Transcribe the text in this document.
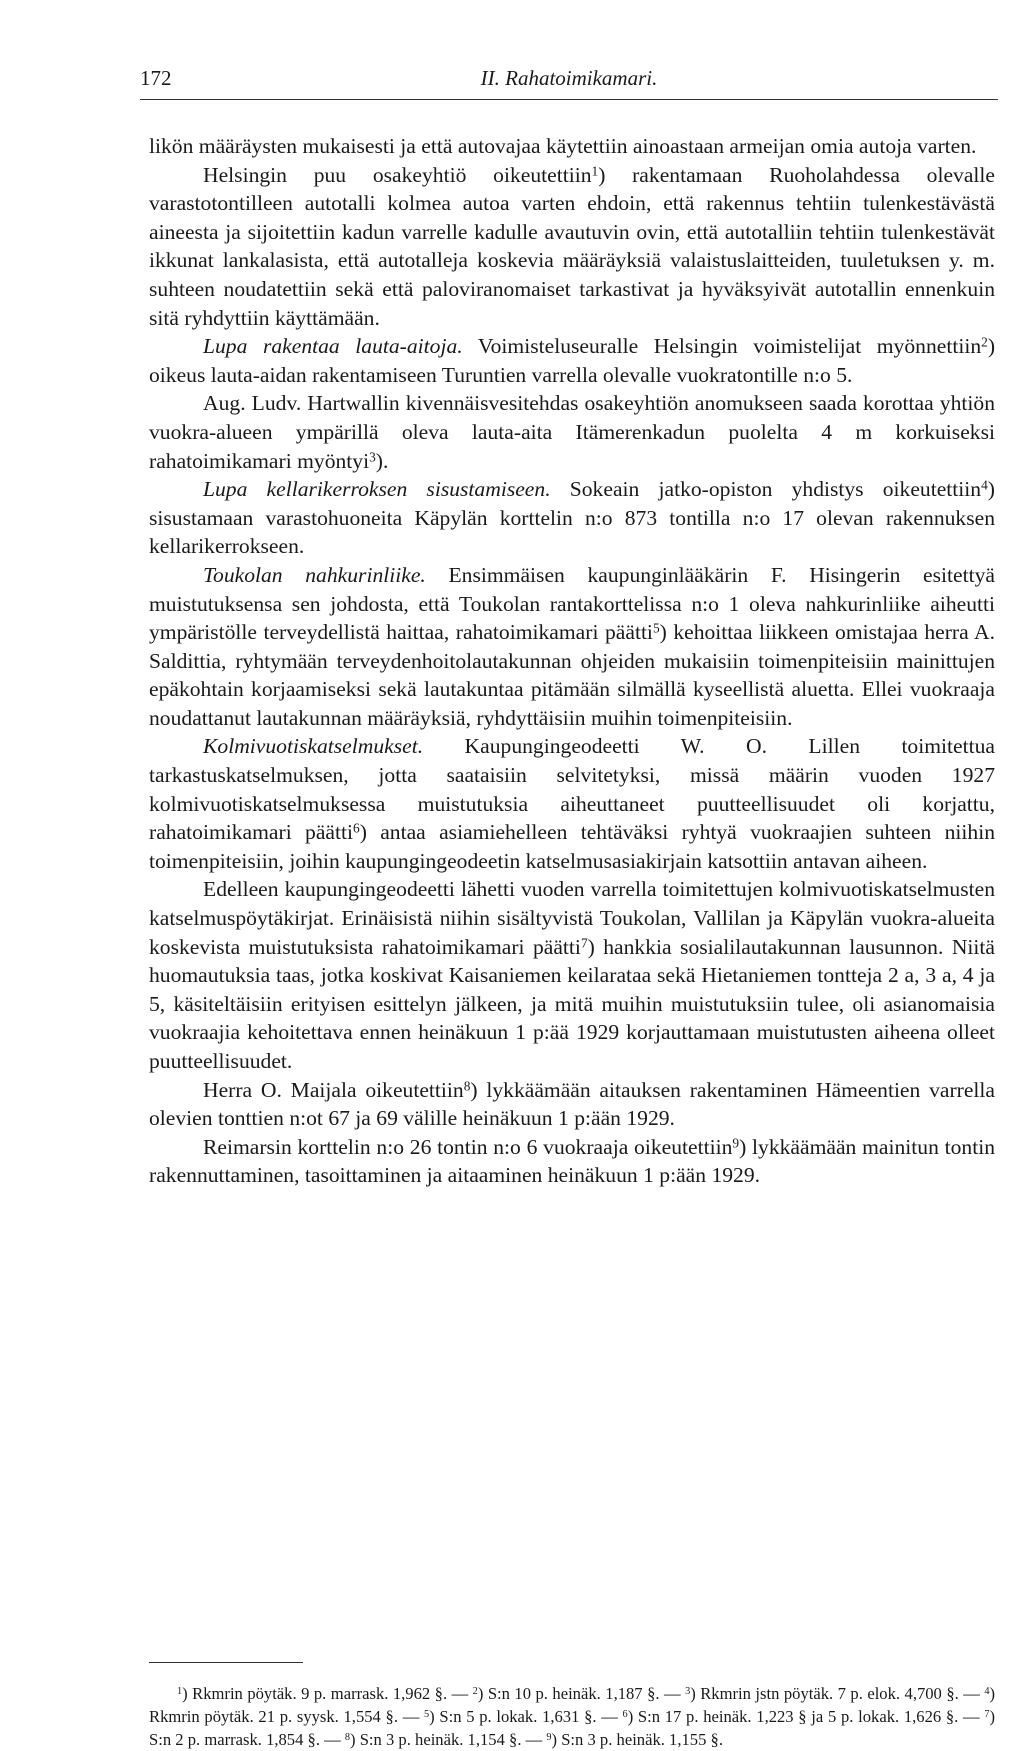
172	II. Rahatoimikamari.

likön määräysten mukaisesti ja että autovajaa käytettiin ainoastaan armeijan omia autoja varten.

Helsingin puu osakeyhtiö oikeutettiin$^1$) rakentamaan Ruoholahdessa olevalle varastotontilleen autotalli kolmea autoa varten ehdoin, että rakennus tehtiin tulenkestävästä aineesta ja sijoitettiin kadun varrelle kadulle avautuvin ovin, että autotalliin tehtiin tulenkestävät ikkunat lankalasista, että autotalleja koskevia määräyksiä valaistuslaitteiden, tuuletuksen y. m. suhteen noudatettiin sekä että paloviranomaiset tarkastivat ja hyväksyivät autotallin ennenkuin sitä ryhdyttiin käyttämään.

Lupa rakentaa lauta-aitoja. Voimisteluseuralle Helsingin voimistelijat myönnettiin$^2$) oikeus lauta-aidan rakentamiseen Turuntien varrella olevalle vuokratontille n:o 5.

Aug. Ludv. Hartwallin kivennäisvesitehdas osakeyhtiön anomukseen saada korottaa yhtiön vuokra-alueen ympärillä oleva lauta-aita Itämerenkadun puolelta 4 m korkuiseksi rahatoimikamari myöntyi$^3$).

Lupa kellarikerroksen sisustamiseen. Sokeain jatko-opiston yhdistys oikeutettiin$^4$) sisustamaan varastohuoneita Käpylän korttelin n:o 873 tontilla n:o 17 olevan rakennuksen kellarikerrokseen.

Toukolan nahkurinliike. Ensimmäisen kaupunginlääkärin F. Hisingerin esitettyä muistutuksensa sen johdosta, että Toukolan rantakorttelissa n:o 1 oleva nahkurinliike aiheutti ympäristölle terveydellistä haittaa, rahatoimikamari päätti$^5$) kehoittaa liikkeen omistajaa herra A. Saldittia, ryhtymään terveydenhoitolautakunnan ohjeiden mukaisiin toimenpiteisiin mainittujen epäkohtain korjaamiseksi sekä lautakuntaa pitämään silmällä kyseellistä aluetta. Ellei vuokraaja noudattanut lautakunnan määräyksiä, ryhdyttäisiin muihin toimenpiteisiin.

Kolmivuotiskatselmukset. Kaupungingeodeetti W. O. Lillen toimitettua tarkastuskatselmuksen, jotta saataisiin selvitetyksi, missä määrin vuoden 1927 kolmivuotiskatselmuksessa muistutuksia aiheuttaneet puutteellisuudet oli korjattu, rahatoimikamari päätti$^6$) antaa asiamiehelleen tehtäväksi ryhtyä vuokraajien suhteen niihin toimenpiteisiin, joihin kaupungingeodeetin katselmusasiakirjain katsottiin antavan aiheen.

Edelleen kaupungingeodeetti lähetti vuoden varrella toimitettujen kolmivuotiskatselmusten katselmuspöytäkirjat. Erinäisistä niihin sisältyvistä Toukolan, Vallilan ja Käpylän vuokra-alueita koskevista muistutuksista rahatoimikamari päätti$^7$) hankkia sosialilautakunnan lausunnon. Niitä huomautuksia taas, jotka koskivat Kaisaniemen keilarataa sekä Hietaniemen tontteja 2 a, 3 a, 4 ja 5, käsiteltäisiin erityisen esittelyn jälkeen, ja mitä muihin muistutuksiin tulee, oli asianomaisia vuokraajia kehoitettava ennen heinäkuun 1 p:ää 1929 korjauttamaan muistutusten aiheena olleet puutteellisuudet.

Herra O. Maijala oikeutettiin$^8$) lykkäämään aitauksen rakentaminen Hämeentien varrella olevien tonttien n:ot 67 ja 69 välille heinäkuun 1 p:ään 1929.

Reimarsin korttelin n:o 26 tontin n:o 6 vuokraaja oikeutettiin$^9$) lykkäämään mainitun tontin rakennuttaminen, tasoittaminen ja aitaaminen heinäkuun 1 p:ään 1929.

$^1$) Rkmrin pöytäk. 9 p. marrask. 1,962 §. — $^2$) S:n 10 p. heinäk. 1,187 §. — $^3$) Rkmrin jstn pöytäk. 7 p. elok. 4,700 §. — $^4$) Rkmrin pöytäk. 21 p. syysk. 1,554 §. — $^5$) S:n 5 p. lokak. 1,631 §. — $^6$) S:n 17 p. heinäk. 1,223 § ja 5 p. lokak. 1,626 §. — $^7$) S:n 2 p. marrask. 1,854 §. — $^8$) S:n 3 p. heinäk. 1,154 §. — $^9$) S:n 3 p. heinäk. 1,155 §.
